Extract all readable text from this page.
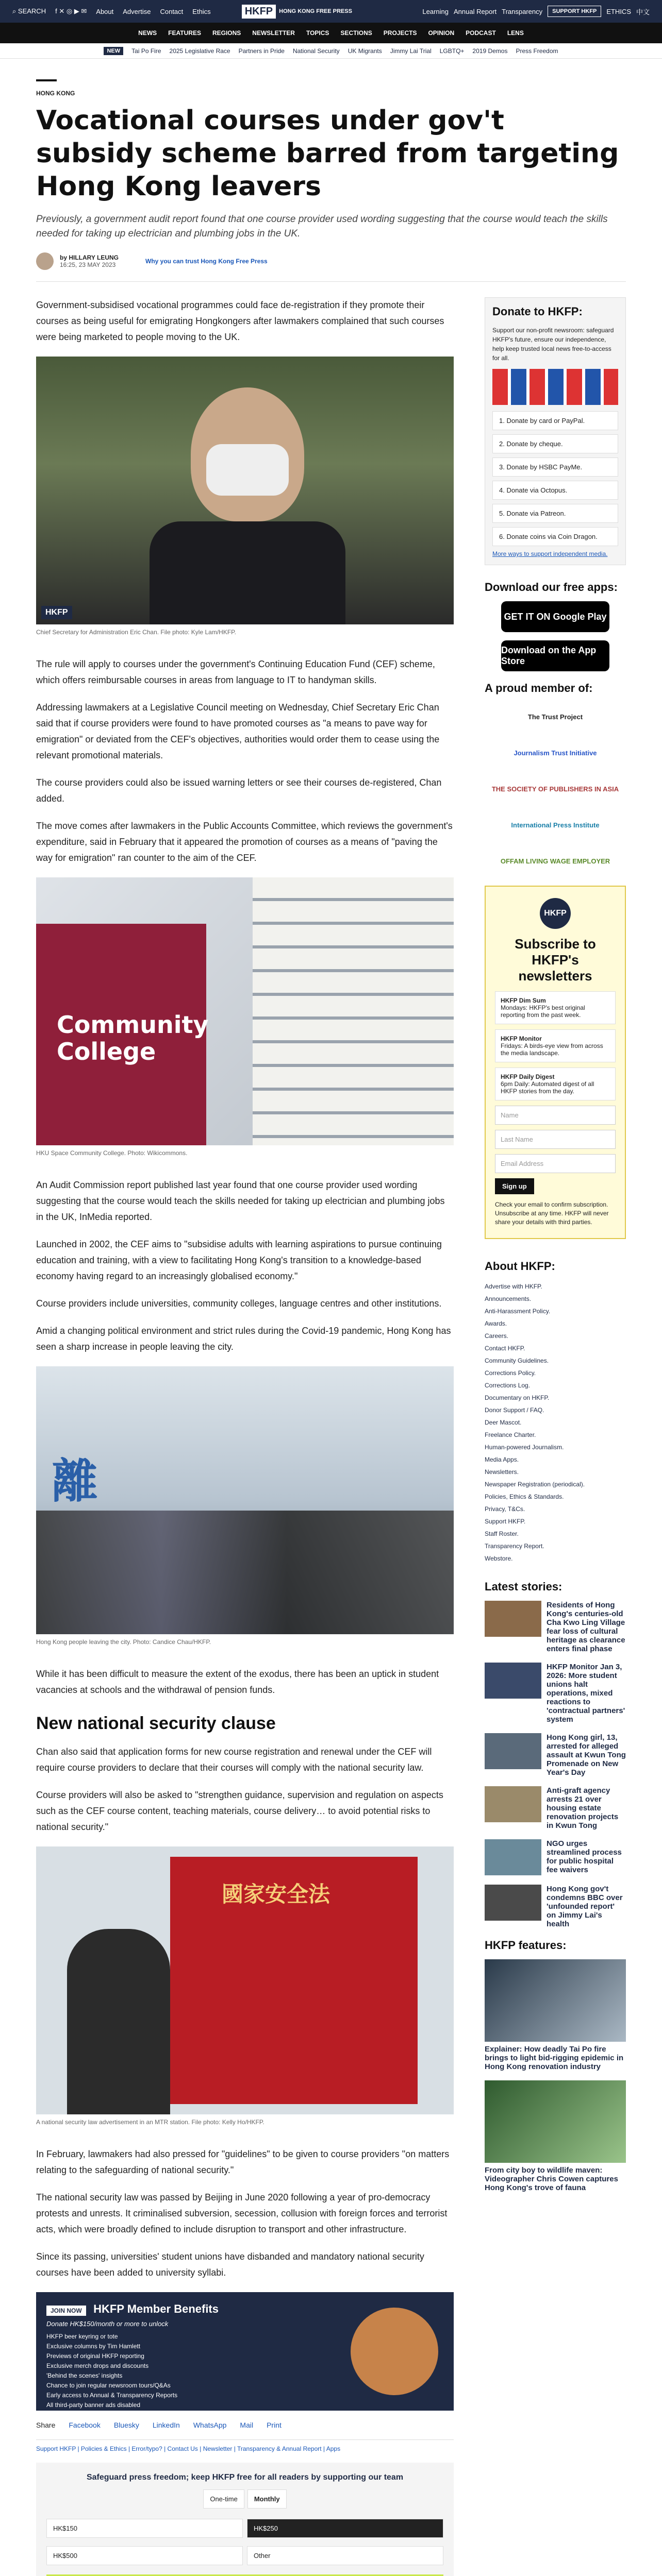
⌕ SEARCH f ✕ ◎ ▶ ✉ About Advertise Contact Ethics	HKFP	HONG KONG FREE PRESS	Learning Annual Report Transparency	SUPPORT HKFP	ETHICS 中文
NEWS FEATURES REGIONS NEWSLETTER TOPICS SECTIONS PROJECTS OPINION PODCAST LENS
NEW	Tai Po Fire 2025 Legislative Race Partners in Pride National Security UK Migrants Jimmy Lai Trial LGBTQ+ 2019 Demos Press Freedom
HONG KONG
Vocational courses under gov't subsidy scheme barred from targeting Hong Kong leavers
Previously, a government audit report found that one course provider used wording suggesting that the course would teach the skills needed for taking up electrician and plumbing jobs in the UK.
by HILLARY LEUNG
16:25, 23 MAY 2023	Why you can trust Hong Kong Free Press

Government-subsidised vocational programmes could face de-registration if they promote their courses as being useful for emigrating Hongkongers after lawmakers complained that such courses were being marketed to people moving to the UK.

HKFP
Chief Secretary for Administration Eric Chan. File photo: Kyle Lam/HKFP.

The rule will apply to courses under the government's Continuing Education Fund (CEF) scheme, which offers reimbursable courses in areas from language to IT to handyman skills.

Addressing lawmakers at a Legislative Council meeting on Wednesday, Chief Secretary Eric Chan said that if course providers were found to have promoted courses as "a means to pave way for emigration" or deviated from the CEF's objectives, authorities would order them to cease using the relevant promotional materials.

The course providers could also be issued warning letters or see their courses de-registered, Chan added.

The move comes after lawmakers in the Public Accounts Committee, which reviews the government's expenditure, said in February that it appeared the promotion of courses as a means of "paving the way for emigration" ran counter to the aim of the CEF.

Community
College
HKU Space Community College. Photo: Wikicommons.

An Audit Commission report published last year found that one course provider used wording suggesting that the course would teach the skills needed for taking up electrician and plumbing jobs in the UK, InMedia reported.

Launched in 2002, the CEF aims to "subsidise adults with learning aspirations to pursue continuing education and training, with a view to facilitating Hong Kong's transition to a knowledge-based economy having regard to an increasingly globalised economy."

Course providers include universities, community colleges, language centres and other institutions.

Amid a changing political environment and strict rules during the Covid-19 pandemic, Hong Kong has seen a sharp increase in people leaving the city.

離
Hong Kong people leaving the city. Photo: Candice Chau/HKFP.

While it has been difficult to measure the extent of the exodus, there has been an uptick in student vacancies at schools and the withdrawal of pension funds.

New national security clause

Chan also said that application forms for new course registration and renewal under the CEF will require course providers to declare that their courses will comply with the national security law.

Course providers will also be asked to "strengthen guidance, supervision and regulation on aspects such as the CEF course content, teaching materials, course delivery… to avoid potential risks to national security."

國家安全法
A national security law advertisement in an MTR station. File photo: Kelly Ho/HKFP.

In February, lawmakers had also pressed for "guidelines" to be given to course providers "on matters relating to the safeguarding of national security."

The national security law was passed by Beijing in June 2020 following a year of pro-democracy protests and unrests. It criminalised subversion, secession, collusion with foreign forces and terrorist acts, which were broadly defined to include disruption to transport and other infrastructure.

Since its passing, universities' student unions have disbanded and mandatory national security courses have been added to university syllabi.

JOIN NOW HKFP Member Benefits
Donate HK$150/month or more to unlock
HKFP beer keyring or tote
Exclusive columns by Tim Hamlett
Previews of original HKFP reporting
Exclusive merch drops and discounts
'Behind the scenes' insights
Chance to join regular newsroom tours/Q&As
Early access to Annual & Transparency Reports
All third-party banner ads disabled
Share Facebook Bluesky LinkedIn WhatsApp Mail Print
Support HKFP | Policies & Ethics | Error/typo? | Contact Us | Newsletter | Transparency & Annual Report | Apps
Safeguard press freedom; keep HKFP free for all readers by supporting our team
One-time	Monthly
HK$150	HK$250
HK$500	Other
Donate to HKFP:
Support our non-profit newsroom: safeguard HKFP's future, ensure our independence, help keep trusted local news free-to-access for all.
1. Donate by card or PayPal.
2. Donate by cheque.
3. Donate by HSBC PayMe.
4. Donate via Octopus.
5. Donate via Patreon.
6. Donate coins via Coin Dragon.
More ways to support independent media.
Download our free apps:
GET IT ON Google Play
Download on the App Store
A proud member of:
The Trust Project
Journalism Trust Initiative
THE SOCIETY OF PUBLISHERS IN ASIA
International Press Institute
OFFAM LIVING WAGE EMPLOYER
HKFP
Subscribe to HKFP's newsletters
HKFP Dim Sum
Mondays: HKFP's best original reporting from the past week.
HKFP Monitor
Fridays: A birds-eye view from across the media landscape.
HKFP Daily Digest
6pm Daily: Automated digest of all HKFP stories from the day.
Name
Last Name
Email Address
Sign up
Check your email to confirm subscription. Unsubscribe at any time. HKFP will never share your details with third parties.
About HKFP:
Advertise with HKFP.
Announcements.
Anti-Harassment Policy.
Awards.
Careers.
Contact HKFP.
Community Guidelines.
Corrections Policy.
Corrections Log.
Documentary on HKFP.
Donor Support / FAQ.
Deer Mascot.
Freelance Charter.
Human-powered Journalism.
Media Apps.
Newsletters.
Newspaper Registration (periodical).
Policies, Ethics & Standards.
Privacy, T&Cs.
Support HKFP.
Staff Roster.
Transparency Report.
Webstore.
Latest stories:
Residents of Hong Kong's centuries-old Cha Kwo Ling Village fear loss of cultural heritage as clearance enters final phase
HKFP Monitor Jan 3, 2026: More student unions halt operations, mixed reactions to 'contractual partners' system
Hong Kong girl, 13, arrested for alleged assault at Kwun Tong Promenade on New Year's Day
Anti-graft agency arrests 21 over housing estate renovation projects in Kwun Tong
NGO urges streamlined process for public hospital fee waivers
Hong Kong gov't condemns BBC over 'unfounded report' on Jimmy Lai's health
HKFP features:
Explainer: How deadly Tai Po fire brings to light bid-rigging epidemic in Hong Kong renovation industry
From city boy to wildlife maven: Videographer Chris Cowen captures Hong Kong's trove of fauna
